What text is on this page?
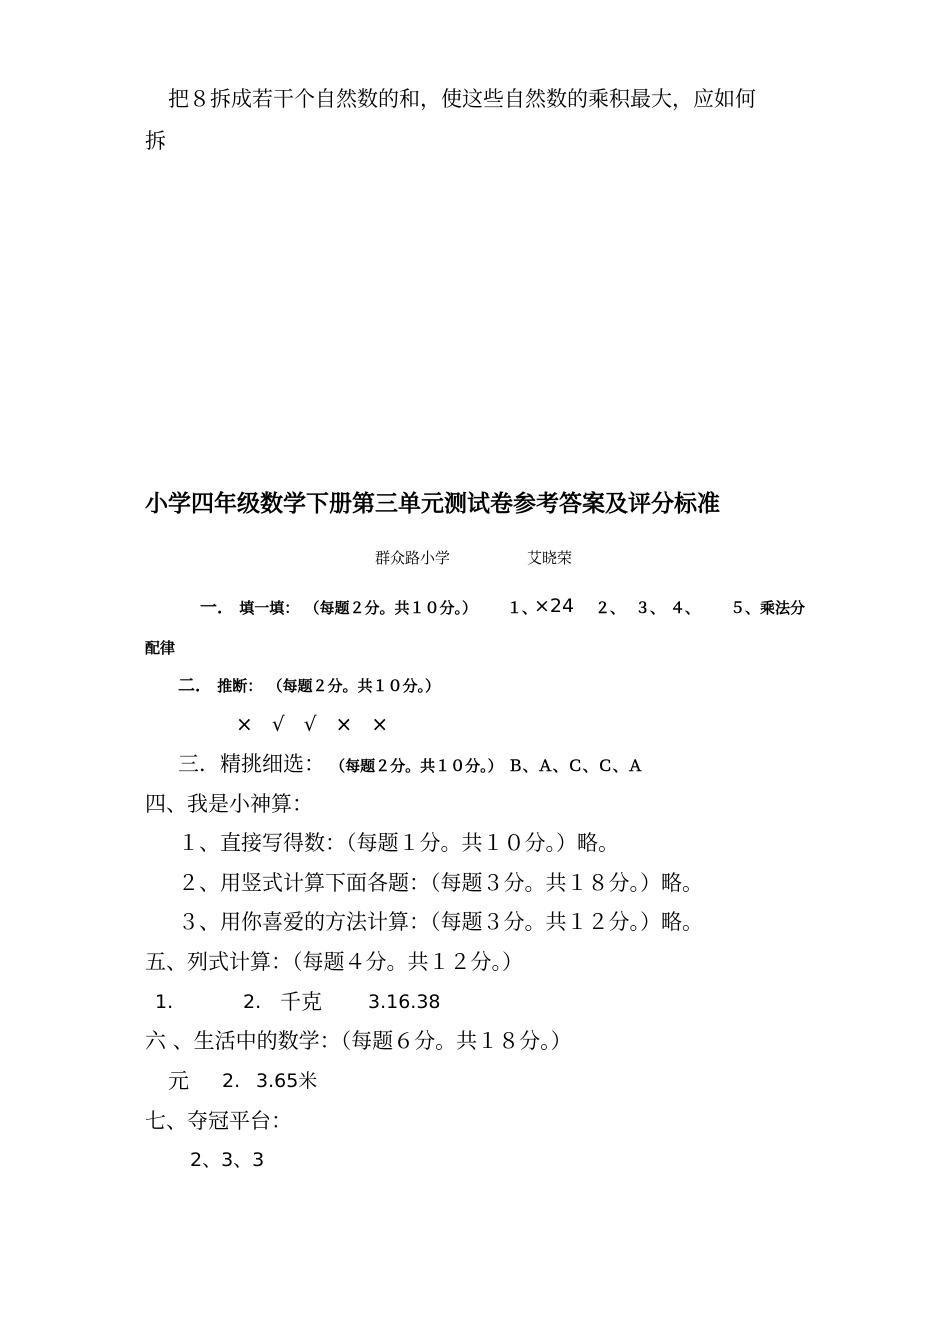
把８拆成若干个自然数的和，使这些自然数的乘积最大，应如何
拆
小学四年级数学下册第三单元测试卷参考答案及评分标准
群众路小学	艾晓荣
一． 填一填： （每题２分。共１０分。） １、
×24 ２、 ３、 ４、 ５、乘法分
配律
二． 推断： （每题２分。共１０分。）
× √ √ × ×
三．精挑细选： （每题２分。共１０分。） Ｂ、Ａ、Ｃ、Ｃ、Ａ
四、我是小神算：
１、直接写得数：（每题１分。共１０分。）略。
２、用竖式计算下面各题：（每题３分。共１８分。）略。
３、用你喜爱的方法计算：（每题３分。共１２分。）略。
五、列式计算：（每题４分。共１２分。）
1.	2. 千克 3.16.38
六 、生活中的数学：（每题６分。共１８分。）
元 2. 3.65米
七、夺冠平台：
2、3、3
